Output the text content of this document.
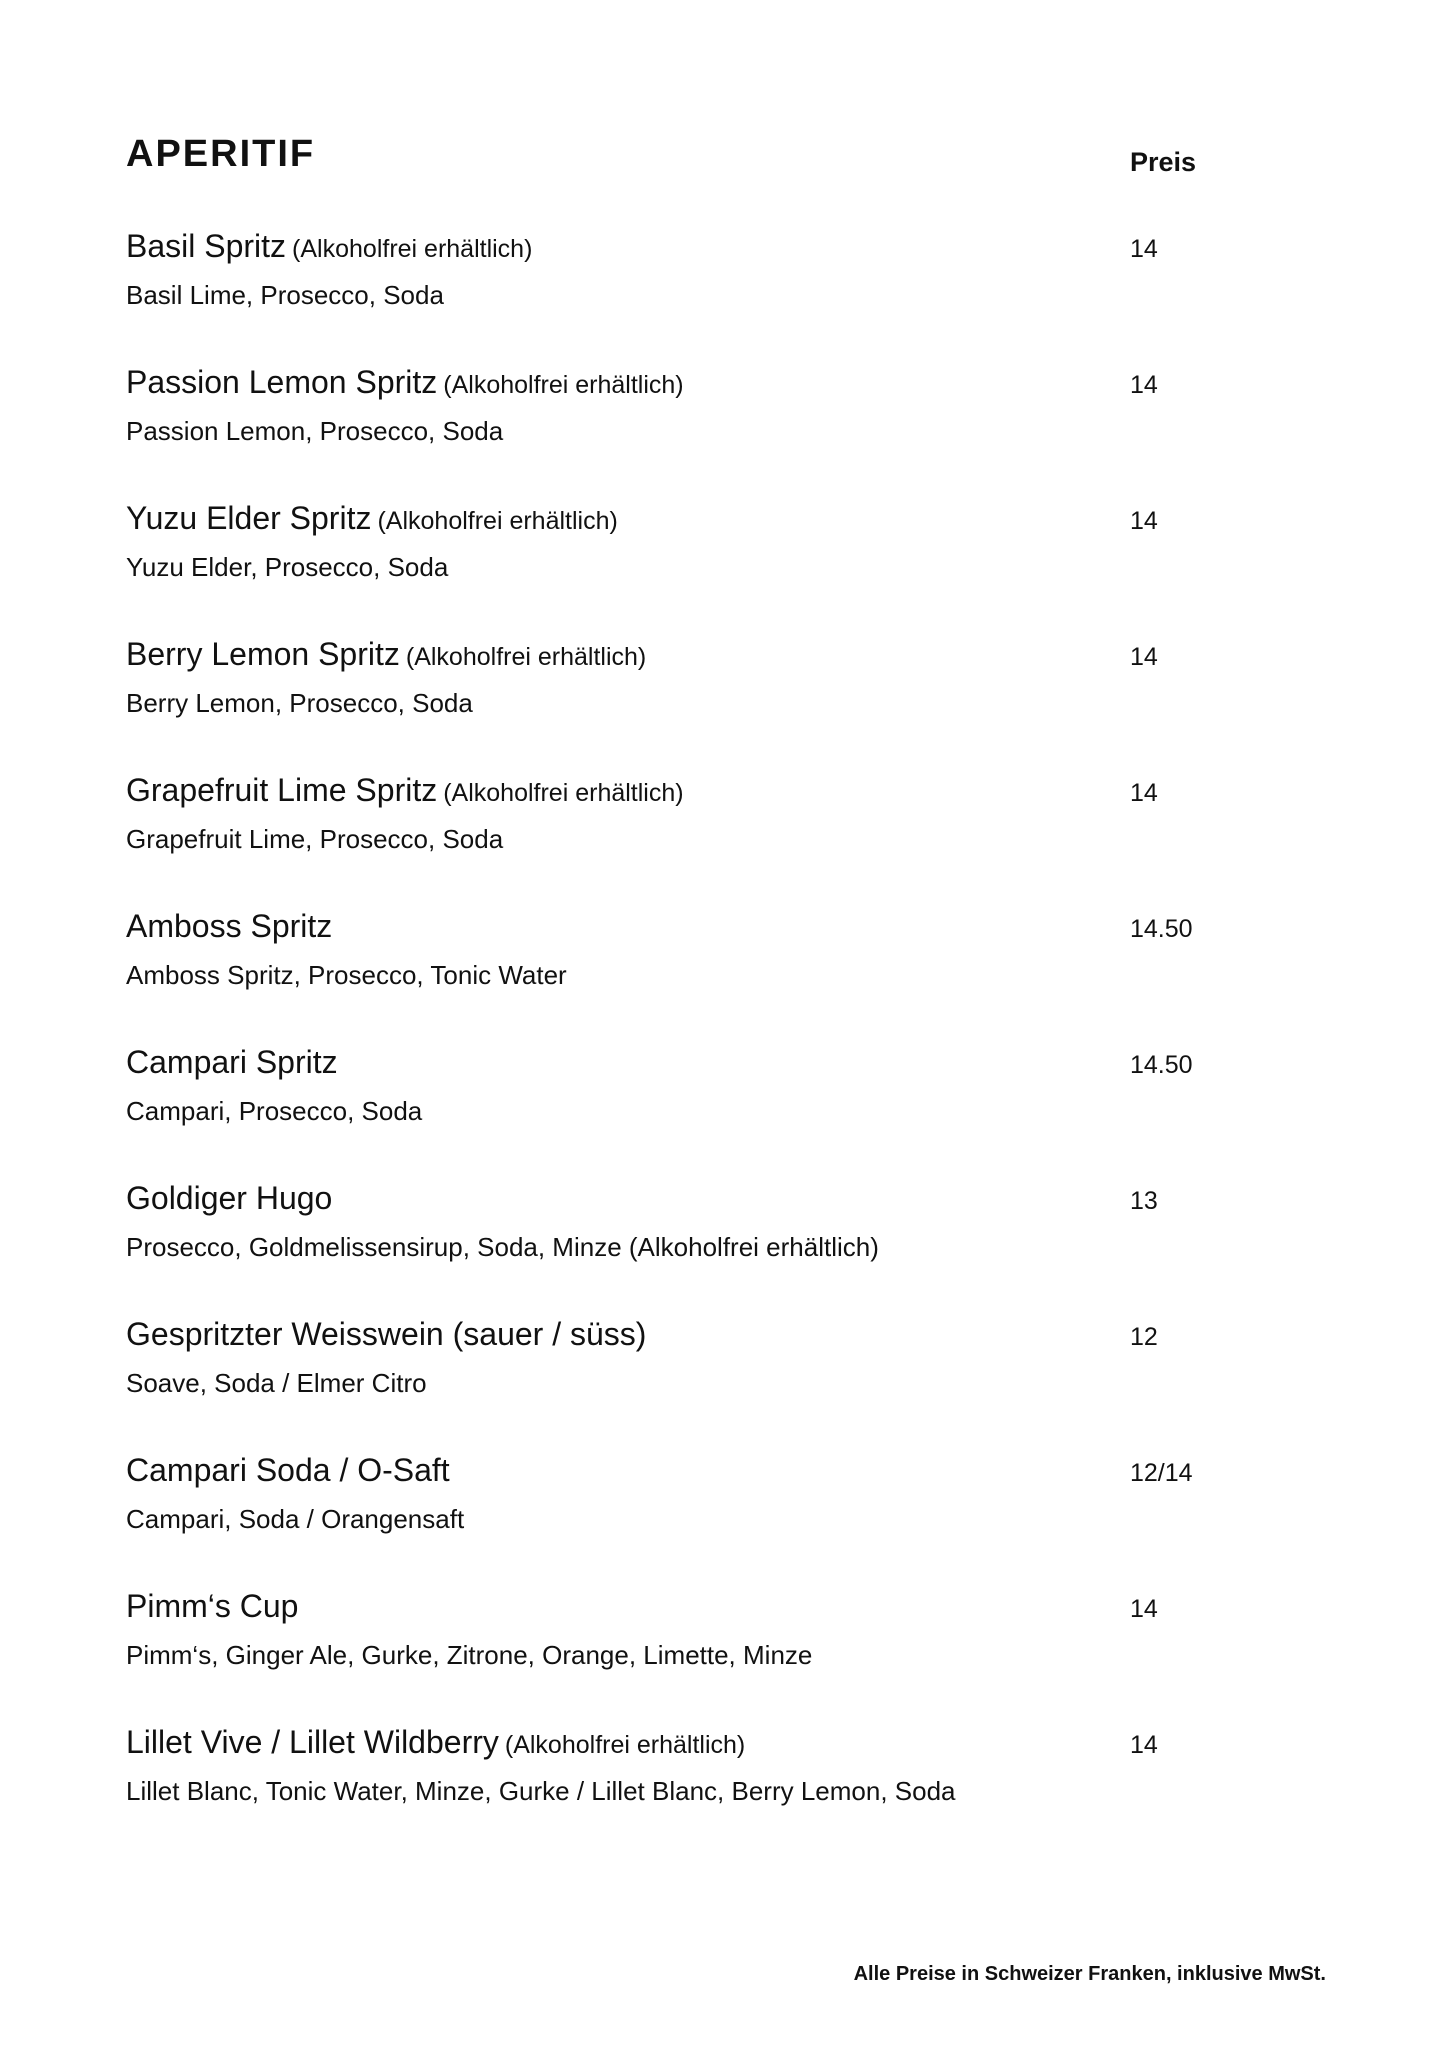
APERITIF	Preis
Basil Spritz (Alkoholfrei erhältlich)
Basil Lime, Prosecco, Soda
14
Passion Lemon Spritz (Alkoholfrei erhältlich)
Passion Lemon, Prosecco, Soda
14
Yuzu Elder Spritz (Alkoholfrei erhältlich)
Yuzu Elder, Prosecco, Soda
14
Berry Lemon Spritz (Alkoholfrei erhältlich)
Berry Lemon, Prosecco, Soda
14
Grapefruit Lime Spritz (Alkoholfrei erhältlich)
Grapefruit Lime, Prosecco, Soda
14
Amboss Spritz
Amboss Spritz, Prosecco, Tonic Water
14.50
Campari Spritz
Campari, Prosecco, Soda
14.50
Goldiger Hugo
Prosecco, Goldmelissensirup, Soda, Minze (Alkoholfrei erhältlich)
13
Gespritzter Weisswein (sauer / süss)
Soave, Soda / Elmer Citro
12
Campari Soda / O-Saft
Campari, Soda / Orangensaft
12/14
Pimm‘s Cup
Pimm‘s, Ginger Ale, Gurke, Zitrone, Orange, Limette, Minze
14
Lillet Vive / Lillet Wildberry (Alkoholfrei erhältlich)
Lillet Blanc, Tonic Water, Minze, Gurke / Lillet Blanc, Berry Lemon, Soda
14
Alle Preise in Schweizer Franken, inklusive MwSt.
